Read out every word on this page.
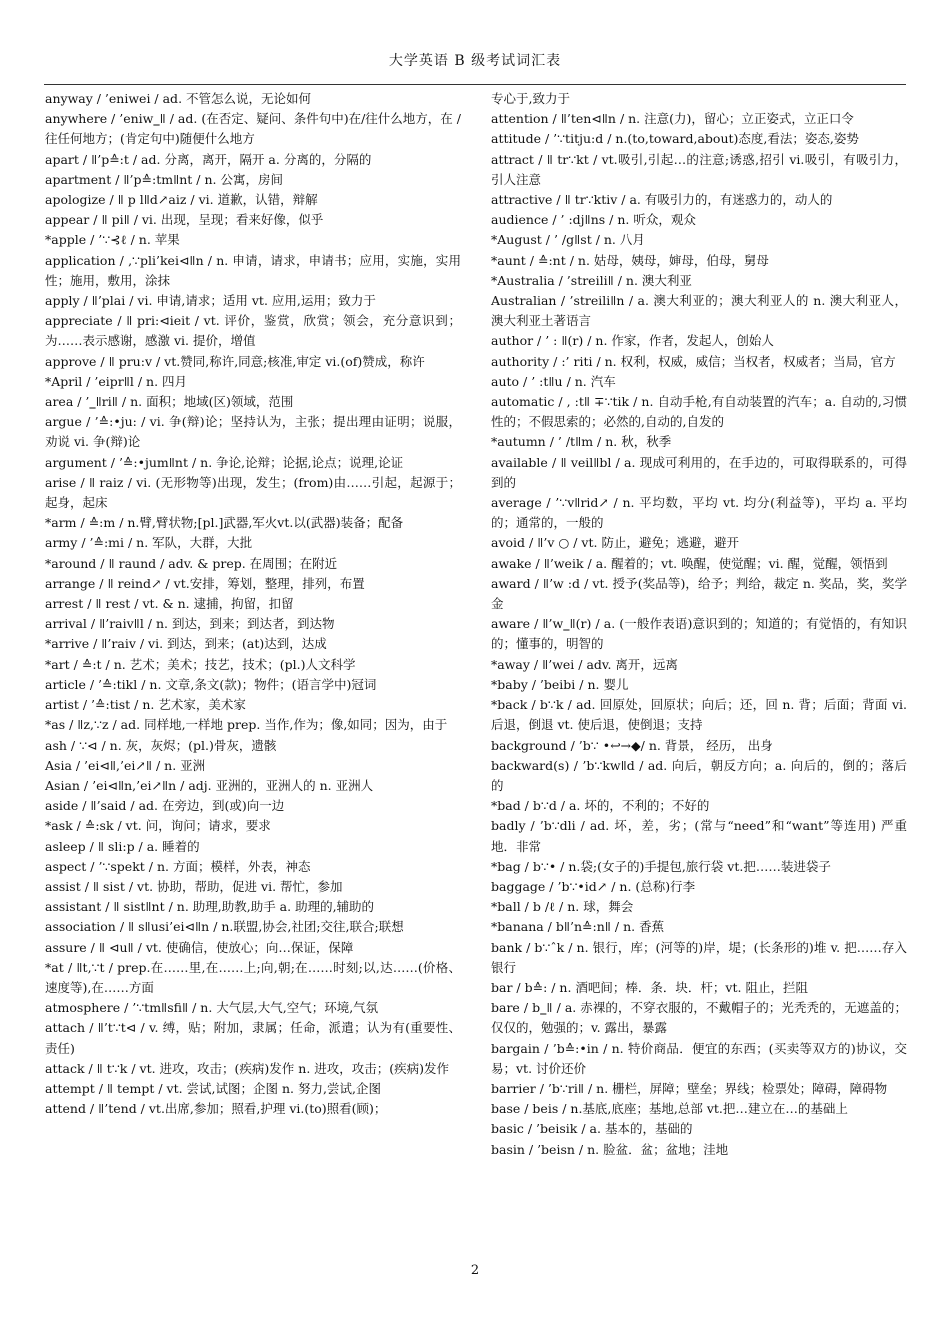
大学英语 B 级考试词汇表
anyway / ’eniwei / ad. 不管怎么说，无论如何
anywhere / ’eniw‗ǁ / ad. (在否定、疑问、条件句中)在/往什么地方，在 / 往任何地方；(肯定句中)随便什么地方
apart / ǁ’p≙:t / ad. 分离，离开，隔开 a. 分离的，分隔的
apartment / ǁ’p≙:tmǁnt / n. 公寓，房间
apologize / ǁ p lǁd↗aiz / vi. 道歉，认错，辩解
appear / ǁ piǁ / vi. 出现，呈现；看来好像，似乎
*apple / ’∵⊰ℓ / n. 苹果
application / ,∵pli’kei⊲ǁn / n. 申请，请求，申请书；应用，实施，实用性；施用，敷用，涂抹
apply / ǁ’plai / vi. 申请,请求；适用 vt. 应用,运用；致力于
appreciate / ǁ pri:⊲ieit / vt. 评价，鉴赏，欣赏；领会，充分意识到；为……表示感谢，感激 vi. 提价，增值
approve / ǁ pru:v / vt.赞同,称许,同意;核准,审定 vi.(of)赞成，称许
*April / ’eiprǁl / n. 四月
area / ’‗ǁriǁ / n. 面积；地域(区)领域，范围
argue / ’≙:•ju: / vi. 争(辩)论；坚持认为，主张；提出理由证明；说服，劝说 vi. 争(辩)论
argument / ’≙:•jumǁnt / n. 争论,论辩；论据,论点；说理,论证
arise / ǁ raiz / vi. (无形物等)出现，发生；(from)由……引起，起源于；起身，起床
*arm / ≙:m / n.臂,臂状物;[pl.]武器,军火vt.以(武器)装备；配备
army / ’≙:mi / n. 军队，大群，大批
*around / ǁ raund / adv. & prep. 在周围；在附近
arrange / ǁ reind↗ / vt.安排，筹划，整理，排列，布置
arrest / ǁ rest / vt. & n. 逮捕，拘留，扣留
arrival / ǁ’raivǁl / n. 到达，到来；到达者，到达物
*arrive / ǁ’raiv / vi. 到达，到来；(at)达到，达成
*art / ≙:t / n. 艺术；美术；技艺，技术；(pl.)人文科学
article / ’≙:tikl / n. 文章,条文(款)；物件；(语言学中)冠词
artist / ’≙:tist / n. 艺术家，美术家
*as / ǁz,∵z / ad. 同样地,一样地 prep. 当作,作为；像,如同；因为，由于
ash / ∵⊲ / n. 灰，灰烬；(pl.)骨灰，遗骸
Asia / ’ei⊲ǁ,’ei↗ǁ / n. 亚洲
Asian / ’ei⊲ǁn,’ei↗ǁn / adj. 亚洲的，亚洲人的 n. 亚洲人
aside / ǁ’said / ad. 在旁边，到(或)向一边
*ask / ≙:sk / vt. 问，询问；请求，要求
asleep / ǁ sli:p / a. 睡着的
aspect / ’∵spekt / n. 方面；模样，外表，神态
assist / ǁ sist / vt. 协助，帮助，促进 vi. 帮忙，参加
assistant / ǁ sistǁnt / n. 助理,助教,助手 a. 助理的,辅助的
association / ǁ sǁusi’ei⊲ǁn / n.联盟,协会,社团;交往,联合;联想
assure / ǁ ⊲uǁ / vt. 使确信，使放心；向…保证，保障
*at / ǁt,∵t / prep.在……里,在……上;向,朝;在……时刻;以,达……(价格、速度等),在……方面
atmosphere / ’∵tmǁsfiǁ / n. 大气层,大气,空气；环境,气氛
attach / ǁ’t∵t⊲ / v. 缚，贴；附加，隶属；任命，派遣；认为有(重要性、责任)
attack / ǁ t∵k / vt. 进攻，攻击；(疾病)发作 n. 进攻，攻击；(疾病)发作
attempt / ǁ tempt / vt. 尝试,试图；企图 n. 努力,尝试,企图
attend / ǁ’tend / vt.出席,参加；照看,护理 vi.(to)照看(顾)；
专心于,致力于
attention / ǁ’ten⊲ǁn / n. 注意(力)，留心；立正姿式，立正口令
attitude / ’∵titju:d / n.(to,toward,about)态度,看法；姿态,姿势
attract / ǁ tr∵kt / vt.吸引,引起…的注意;诱惑,招引 vi.吸引，有吸引力，引人注意
attractive / ǁ tr∵ktiv / a. 有吸引力的，有迷惑力的，动人的
audience / ’ :djǁns / n. 听众，观众
*August / ’ /gǁst / n. 八月
*aunt / ≙:nt / n. 姑母，姨母，婶母，伯母，舅母
*Australia / ’streiliǁ / n. 澳大利亚
Australian / ’streiliǁn / a. 澳大利亚的；澳大利亚人的 n. 澳大利亚人，澳大利亚土著语言
author / ’ : ǁ(r) / n. 作家，作者，发起人，创始人
authority / :’ riti / n. 权利，权威，威信；当权者，权威者；当局，官方
auto / ’ :tǁu / n. 汽车
automatic / , :tǁ ∓∵tik / n. 自动手枪,有自动装置的汽车；a. 自动的,习惯性的；不假思索的；必然的,自动的,自发的
*autumn / ’ /tǁm / n. 秋，秋季
available / ǁ veilǁbl / a. 现成可利用的，在手边的，可取得联系的，可得到的
average / ’∵vǁrid↗ / n. 平均数，平均 vt. 均分(利益等)，平均 a. 平均的；通常的，一般的
avoid / ǁ’v ○ / vt. 防止，避免；逃避，避开
awake / ǁ’weik / a. 醒着的；vt. 唤醒，使觉醒；vi. 醒，觉醒，领悟到
award / ǁ’w :d / vt. 授予(奖品等)，给予；判给，裁定 n. 奖品，奖，奖学金
aware / ǁ’w‗ǁ(r) / a. (一般作表语)意识到的；知道的；有觉悟的，有知识的；懂事的，明智的
*away / ǁ’wei / adv. 离开，远离
*baby / ’beibi / n. 婴儿
*back / b∵k / ad. 回原处，回原状；向后；还，回 n. 背；后面；背面 vi. 后退，倒退 vt. 使后退，使倒退；支持
background / ’b∵ •↩→◆/ n. 背景， 经历， 出身
backward(s) / ’b∵kwǁd / ad. 向后，朝反方向；a. 向后的，倒的；落后的
*bad / b∵d / a. 坏的，不利的；不好的
badly / ’b∵dli / ad. 坏，差，劣；(常与“need”和“want”等连用) 严重地．非常
*bag / b∵• / n.袋;(女子的)手提包,旅行袋 vt.把……装进袋子
baggage / ’b∵•id↗ / n. (总称)行李
*ball / b /ℓ / n. 球，舞会
*banana / bǁ’n≙:nǁ / n. 香蕉
bank / b∵ˆk / n. 银行，库；(河等的)岸，堤；(长条形的)堆 v. 把……存入银行
bar / b≙: / n. 酒吧间；棒．条．块．杆；vt. 阻止，拦阻
bare / b‗ǁ / a. 赤裸的，不穿衣服的，不戴帽子的；光秃秃的，无遮盖的；仅仅的，勉强的；v. 露出，暴露
bargain / ’b≙:•in / n. 特价商品．便宜的东西；(买卖等双方的)协议，交易；vt. 讨价还价
barrier / ’b∵riǁ / n. 栅栏，屏障；壁垒；界线；检票处；障碍，障碍物
base / beis / n.基底,底座；基地,总部 vt.把…建立在…的基础上
basic / ’beisik / a. 基本的，基础的
basin / ’beisn / n. 脸盆．盆；盆地；洼地
2
